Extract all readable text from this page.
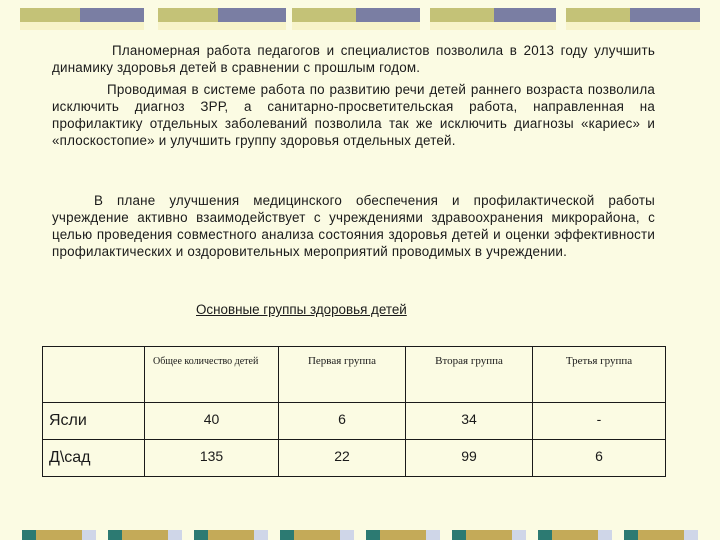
Планомерная работа педагогов и специалистов позволила в 2013 году улучшить динамику здоровья детей в сравнении с прошлым годом.

Проводимая в системе работа по развитию речи детей раннего возраста позволила исключить диагноз ЗРР, а санитарно-просветительская работа, направленная на профилактику отдельных заболеваний позволила так же исключить диагнозы «кариес» и «плоскостопие» и улучшить группу здоровья отдельных детей.

В плане улучшения медицинского обеспечения и профилактической работы учреждение активно взаимодействует с учреждениями здравоохранения микрорайона, с целью проведения совместного анализа состояния здоровья детей и оценки эффективности профилактических и оздоровительных мероприятий проводимых в учреждении.

Основные группы здоровья детей

	Общее количество детей	Первая группа	Вторая группа	Третья группа
Ясли	40	6	34	-
Д\сад	135	22	99	6
